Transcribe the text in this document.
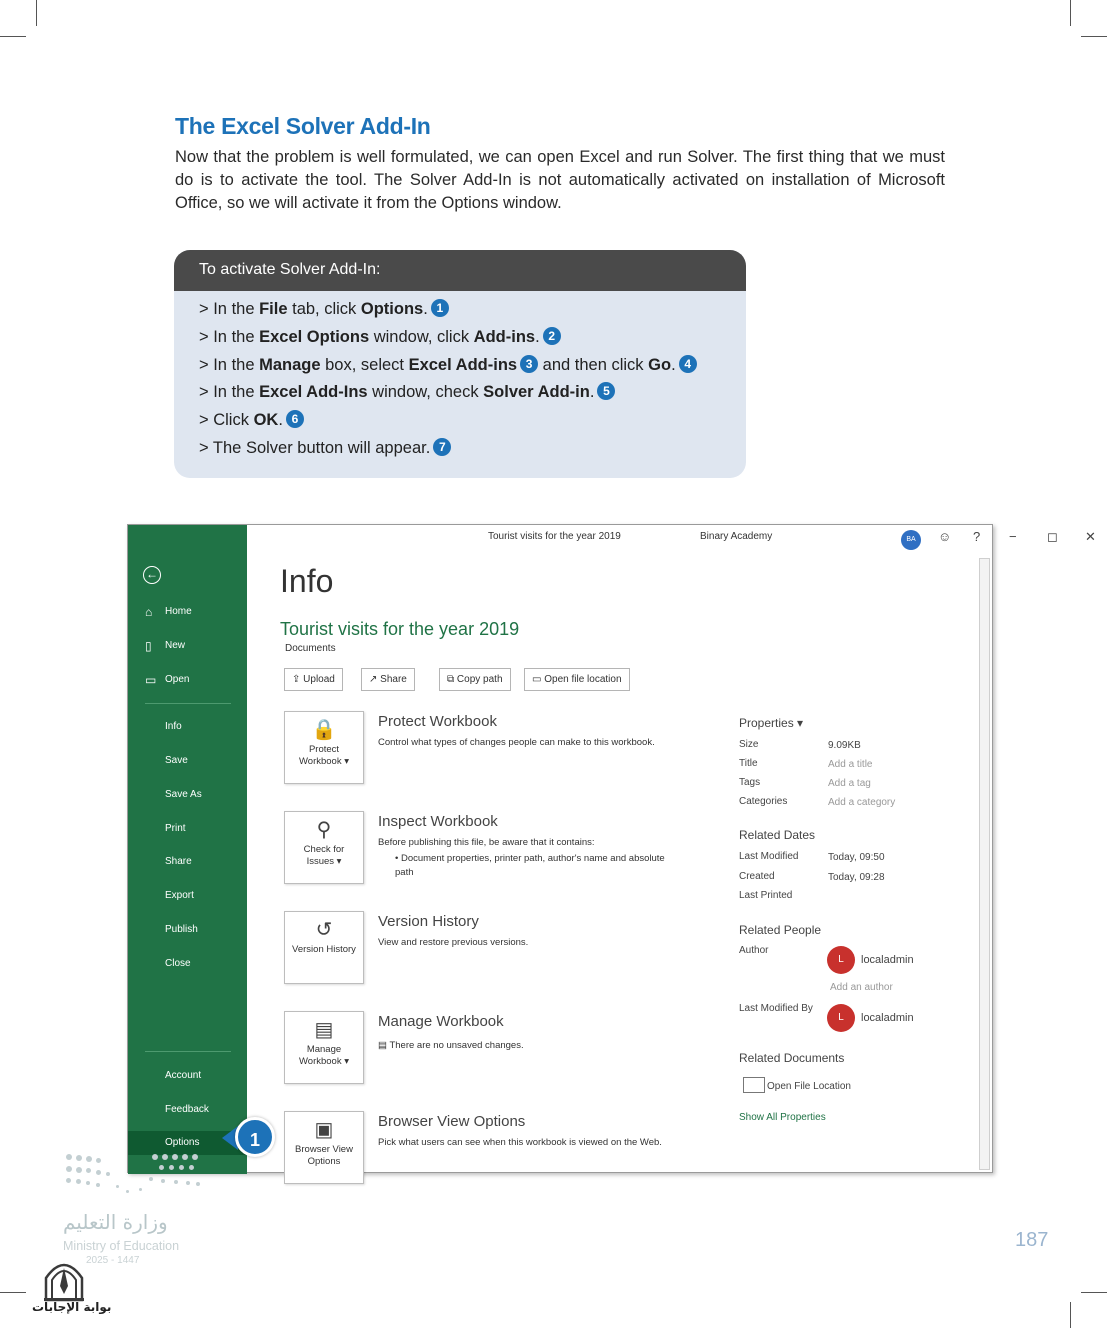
The Excel Solver Add-In

Now that the problem is well formulated, we can open Excel and run Solver. The first thing that we must do is to activate the tool. The Solver Add-In is not automatically activated on installation of Microsoft Office, so we will activate it from the Options window.

To activate Solver Add-In:
> In the File tab, click Options. 1
> In the Excel Options window, click Add-ins. 2
> In the Manage box, select Excel Add-ins 3 and then click Go. 4
> In the Excel Add-Ins window, check Solver Add-in. 5
> Click OK. 6
> The Solver button will appear. 7
←
⌂ Home
▯ New
▭ Open
Info
Save
Save As
Print
Share
Export
Publish
Close
Account
Feedback
Options
Tourist visits for the year 2019	Binary Academy	BA	☺ ? − ◻ ✕
Info
Tourist visits for the year 2019
Documents
⇪ Upload	↗ Share	⧉ Copy path	▭ Open file location
🔒
Protect Workbook ▾
Protect Workbook
Control what types of changes people can make to this workbook.
⚲
Check for Issues ▾
Inspect Workbook
Before publishing this file, be aware that it contains:
• Document properties, printer path, author's name and absolute path
↺
Version History
Version History
View and restore previous versions.
▤
Manage Workbook ▾
Manage Workbook
▤ There are no unsaved changes.
▣
Browser View Options
Browser View Options
Pick what users can see when this workbook is viewed on the Web.
Properties ▾
Size	9.09KB
Title	Add a title
Tags	Add a tag
Categories	Add a category
Related Dates
Last Modified	Today, 09:50
Created	Today, 09:28
Last Printed
Related People
Author
L	localadmin
Add an author
Last Modified By
L	localadmin
Related Documents
Open File Location
Show All Properties
1
وزارة التعليم
Ministry of Education
2025 - 1447
بوابة الإجابات
187
